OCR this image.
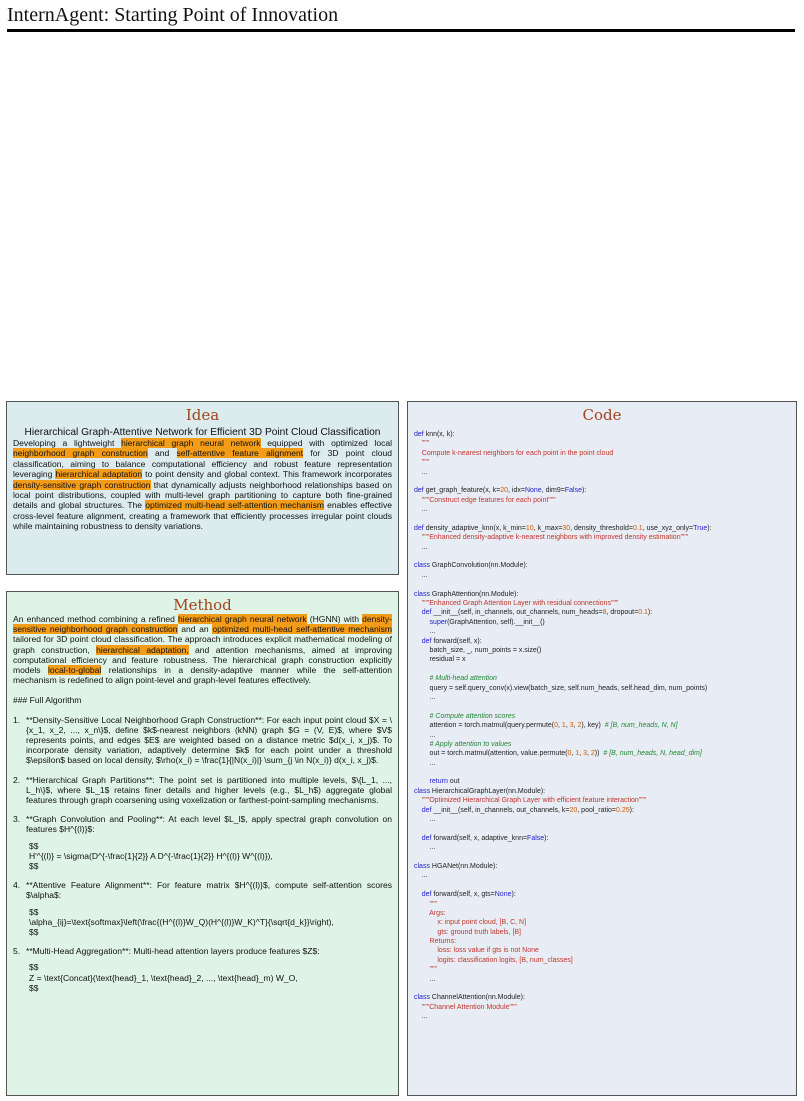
InternAgent: Starting Point of Innovation
Idea
Hierarchical Graph-Attentive Network for Efficient 3D Point Cloud Classification
Developing a lightweight hierarchical graph neural network equipped with optimized local neighborhood graph construction and self-attentive feature alignment for 3D point cloud classification, aiming to balance computational efficiency and robust feature representation leveraging hierarchical adaptation to point density and global context. This framework incorporates density-sensitive graph construction that dynamically adjusts neighborhood relationships based on local point distributions, coupled with multi-level graph partitioning to capture both fine-grained details and global structures. The optimized multi-head self-attention mechanism enables effective cross-level feature alignment, creating a framework that efficiently processes irregular point clouds while maintaining robustness to density variations.
Method

An enhanced method combining a refined hierarchical graph neural network (HGNN) with density-sensitive neighborhood graph construction and an optimized multi-head self-attentive mechanism tailored for 3D point cloud classification. The approach introduces explicit mathematical modeling of graph construction, hierarchical adaptation, and attention mechanisms, aimed at improving computational efficiency and feature robustness. The hierarchical graph construction explicitly models local-to-global relationships in a density-adaptive manner while the self-attention mechanism is redefined to align point-level and graph-level features effectively.

### Full Algorithm
1. **Density-Sensitive Local Neighborhood Graph Construction**: For each input point cloud $X = \{x_1, x_2, ..., x_n\}$, define $k$-nearest neighbors (kNN) graph $G = (V, E)$, where $V$ represents points, and edges $E$ are weighted based on a distance metric $d(x_i, x_j)$. To incorporate density variation, adaptively determine $k$ for each point under a threshold $\epsilon$ based on local density, $\rho(x_i) = \frac{1}{|N(x_i)|} \sum_{j \in N(x_i)} d(x_i, x_j)$.
2. **Hierarchical Graph Partitions**: The point set is partitioned into multiple levels, $\{L_1, ..., L_h\}$, where $L_1$ retains finer details and higher levels (e.g., $L_h$) aggregate global features through graph coarsening using voxelization or farthest-point-sampling mechanisms.
3. **Graph Convolution and Pooling**: At each level $L_l$, apply spectral graph convolution on features $H^{(l)}$:
$$
H'^{(l)} = \sigma(D^{-\frac{1}{2}} A D^{-\frac{1}{2}} H^{(l)} W^{(l)}),
$$
4. **Attentive Feature Alignment**: For feature matrix $H^{(l)}$, compute self-attention scores $\alpha$:
$$
\alpha_{ij}=\text{softmax}\left(\frac{(H^{(l)}W_Q)(H^{(l)}W_K)^T}{\sqrt{d_k}}\right),
$$
5. **Multi-Head Aggregation**: Multi-head attention layers produce features $Z$:
$$
Z = \text{Concat}(\text{head}_1, \text{head}_2, ..., \text{head}_m) W_O,
$$
Code
def knn(x, k):
"""
Compute k-nearest neighbors for each point in the point cloud
"""
...
def get_graph_feature(x, k=20, idx=None, dim9=False):
"""Construct edge features for each point"""
...
def density_adaptive_knn(x, k_min=10, k_max=30, density_threshold=0.1, use_xyz_only=True):
"""Enhanced density-adaptive k-nearest neighbors with improved density estimation"""
...
class GraphConvolution(nn.Module):
...
class GraphAttention(nn.Module):
"""Enhanced Graph Attention Layer with residual connections"""
def __init__(self, in_channels, out_channels, num_heads=8, dropout=0.1):
super(GraphAttention, self).__init__()
...
def forward(self, x):
batch_size, _, num_points = x.size()
residual = x
# Multi-head attention
query = self.query_conv(x).view(batch_size, self.num_heads, self.head_dim, num_points)
...
# Compute attention scores
attention = torch.matmul(query.permute(0, 1, 3, 2), key)  # [B, num_heads, N, N]
...
# Apply attention to values
out = torch.matmul(attention, value.permute(0, 1, 3, 2))  # [B, num_heads, N, head_dim]
...
return out
class HierarchicalGraphLayer(nn.Module):
"""Optimized Hierarchical Graph Layer with efficient feature interaction"""
def __init__(self, in_channels, out_channels, k=20, pool_ratio=0.25):
...
def forward(self, x, adaptive_knn=False):
...
class HGANet(nn.Module):
...
def forward(self, x, gts=None):
"""
Args:
x: input point cloud, [B, C, N]
gts: ground truth labels, [B]
Returns:
loss: loss value if gts is not None
logits: classification logits, [B, num_classes]
"""
...
class ChannelAttention(nn.Module):
"""Channel Attention Module"""
...
